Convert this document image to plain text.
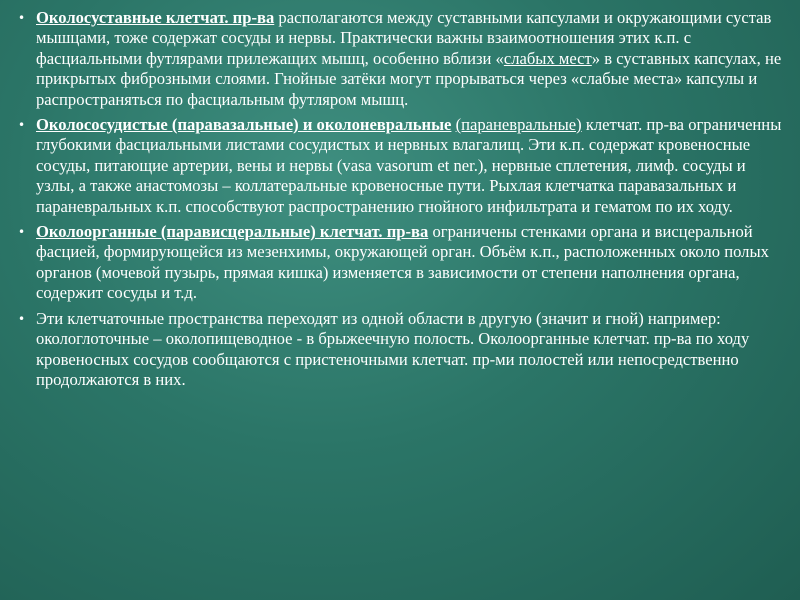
• Околосуставные клетчат. пр-ва располагаются между суставными капсулами и окружающими сустав мышцами, тоже содержат сосуды и нервы. Практически важны взаимоотношения этих к.п. с фасциальными футлярами прилежащих мышц, особенно вблизи «слабых мест» в суставных капсулах, не прикрытых фиброзными слоями. Гнойные затёки могут прорываться через «слабые места» капсулы и распространяться по фасциальным футляром мышц.
• Околососудистые (паравазальные) и околоневральные (параневральные) клетчат. пр-ва ограниченны глубокими фасциальными листами сосудистых и нервных влагалищ. Эти к.п. содержат кровеносные сосуды, питающие артерии, вены и нервы (vasa vasorum et ner.), нервные сплетения, лимф. сосуды и узлы, а также анастомозы – коллатеральные кровеносные пути. Рыхлая клетчатка паравазальных и параневральных к.п. способствуют распространению гнойного инфильтрата и гематом по их ходу.
• Околоорганные (парависцеральные) клетчат. пр-ва ограничены стенками органа и висцеральной фасцией, формирующейся из мезенхимы, окружающей орган. Объём к.п., расположенных около полых органов (мочевой пузырь, прямая кишка) изменяется в зависимости от степени наполнения органа, содержит сосуды и т.д.
• Эти клетчаточные пространства переходят из одной области в другую (значит и гной) например: окологлоточные – околопищеводное - в брыжеечную полость. Околоорганные клетчат. пр-ва по ходу кровеносных сосудов сообщаются с пристеночными клетчат. пр-ми полостей или непосредственно продолжаются в них.
